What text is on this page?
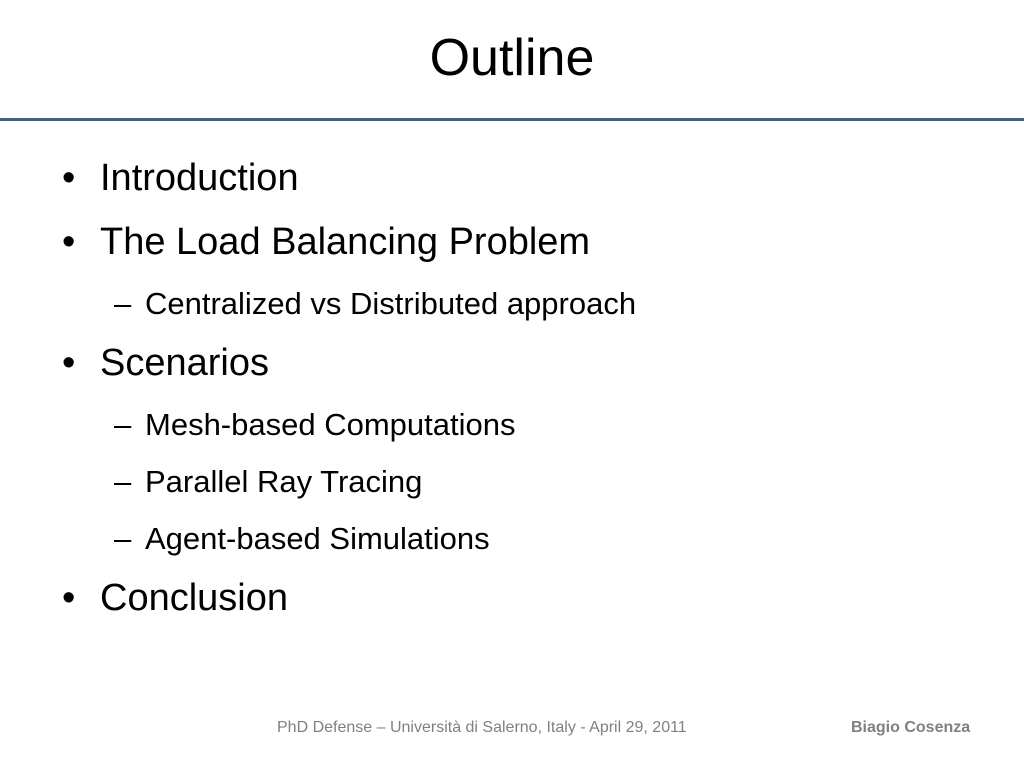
Outline
• Introduction
• The Load Balancing Problem
– Centralized vs Distributed approach
• Scenarios
– Mesh-based Computations
– Parallel Ray Tracing
– Agent-based Simulations
• Conclusion
PhD Defense – Università di Salerno, Italy - April 29, 2011	Biagio Cosenza
